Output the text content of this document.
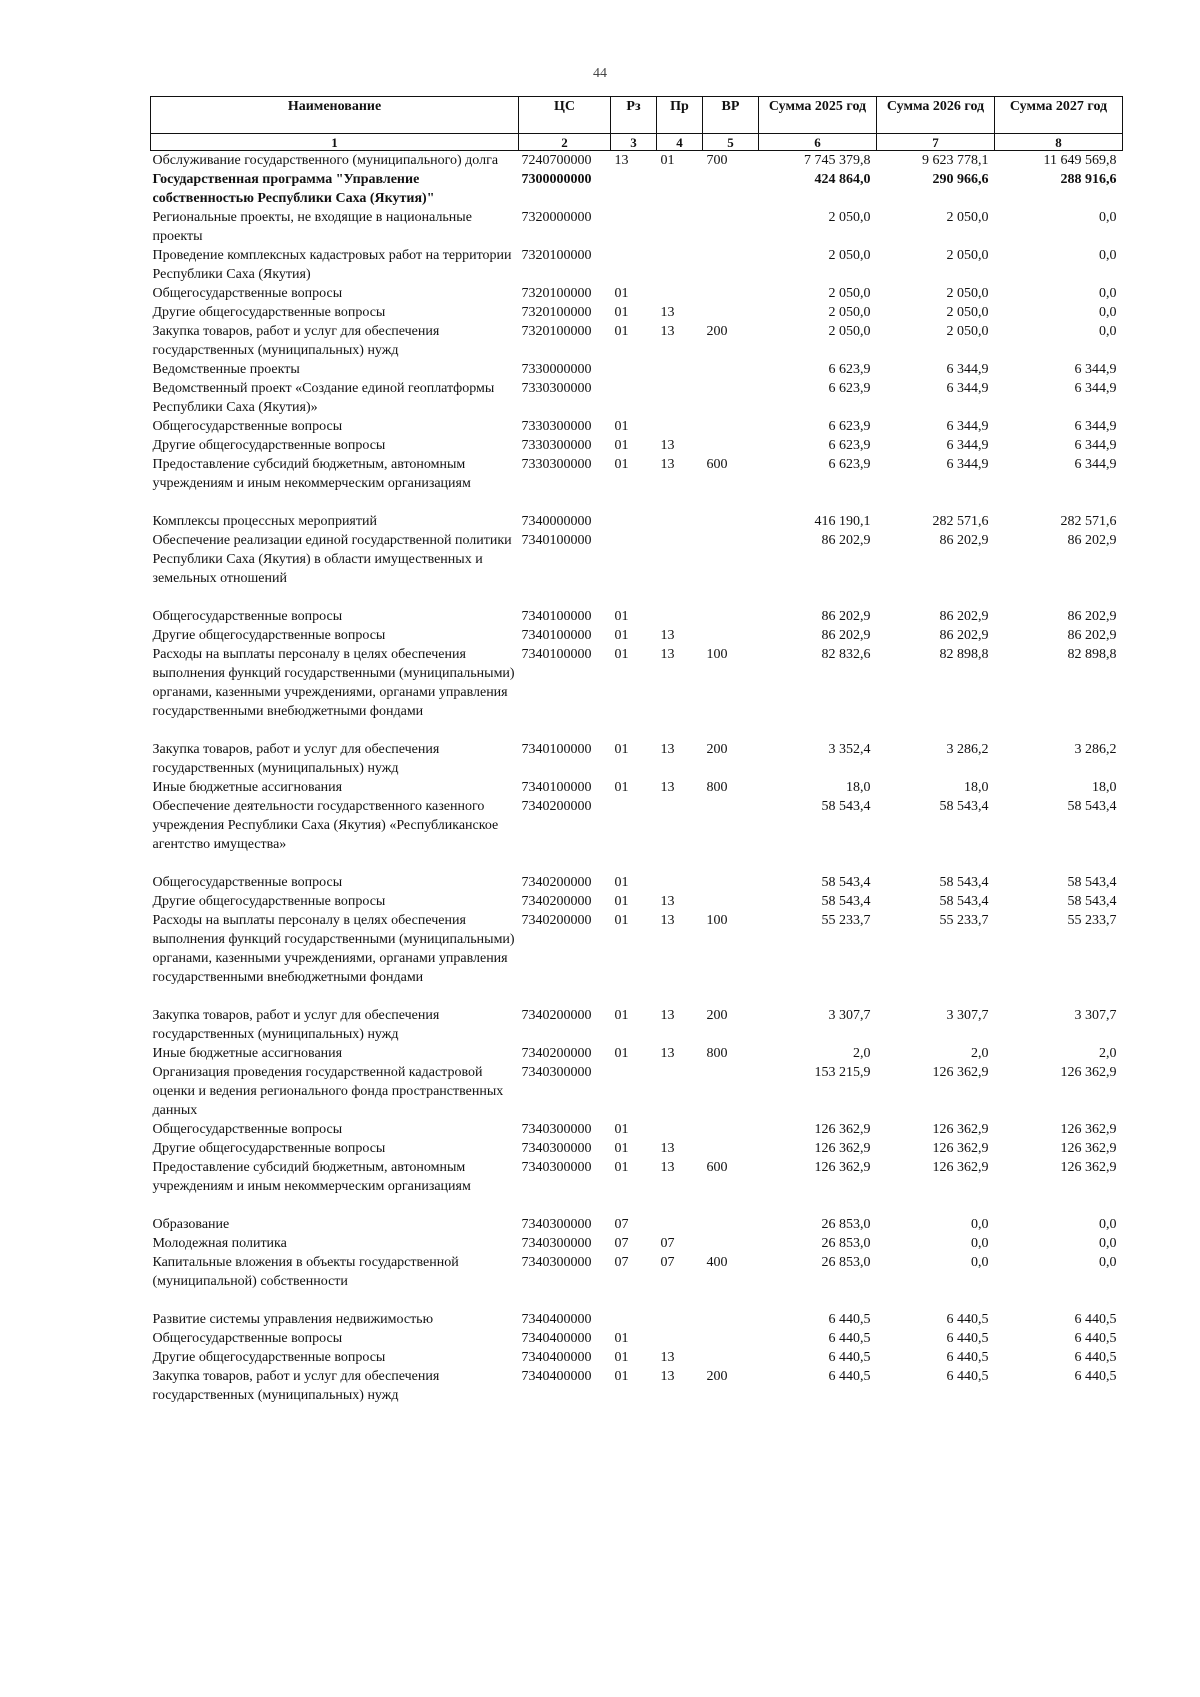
44
Наименование	ЦС	Рз	Пр	ВР	Сумма 2025 год	Сумма 2026 год	Сумма 2027 год
1	2	3	4	5	6	7	8
Обслуживание государственного (муниципального) долга	7240700000	13	01	700	7 745 379,8	9 623 778,1	11 649 569,8
Государственная программа "Управление собственностью Республики Саха (Якутия)"	7300000000				424 864,0	290 966,6	288 916,6
Региональные проекты, не входящие в национальные проекты	7320000000				2 050,0	2 050,0	0,0
Проведение комплексных кадастровых работ на территории Республики Саха (Якутия)	7320100000				2 050,0	2 050,0	0,0
Общегосударственные вопросы	7320100000	01			2 050,0	2 050,0	0,0
Другие общегосударственные вопросы	7320100000	01	13		2 050,0	2 050,0	0,0
Закупка товаров, работ и услуг для обеспечения государственных (муниципальных) нужд	7320100000	01	13	200	2 050,0	2 050,0	0,0
Ведомственные проекты	7330000000				6 623,9	6 344,9	6 344,9
Ведомственный проект «Создание единой геоплатформы Республики Саха (Якутия)»	7330300000				6 623,9	6 344,9	6 344,9
Общегосударственные вопросы	7330300000	01			6 623,9	6 344,9	6 344,9
Другие общегосударственные вопросы	7330300000	01	13		6 623,9	6 344,9	6 344,9
Предоставление субсидий бюджетным, автономным учреждениям и иным некоммерческим организациям	7330300000	01	13	600	6 623,9	6 344,9	6 344,9
Комплексы процессных мероприятий	7340000000				416 190,1	282 571,6	282 571,6
Обеспечение реализации единой государственной политики Республики Саха (Якутия) в области имущественных и земельных отношений	7340100000				86 202,9	86 202,9	86 202,9
Общегосударственные вопросы	7340100000	01			86 202,9	86 202,9	86 202,9
Другие общегосударственные вопросы	7340100000	01	13		86 202,9	86 202,9	86 202,9
Расходы на выплаты персоналу в целях обеспечения выполнения функций государственными (муниципальными) органами, казенными учреждениями, органами управления государственными внебюджетными фондами	7340100000	01	13	100	82 832,6	82 898,8	82 898,8
Закупка товаров, работ и услуг для обеспечения государственных (муниципальных) нужд	7340100000	01	13	200	3 352,4	3 286,2	3 286,2
Иные бюджетные ассигнования	7340100000	01	13	800	18,0	18,0	18,0
Обеспечение деятельности государственного казенного учреждения Республики Саха (Якутия) «Республиканское агентство имущества»	7340200000				58 543,4	58 543,4	58 543,4
Общегосударственные вопросы	7340200000	01			58 543,4	58 543,4	58 543,4
Другие общегосударственные вопросы	7340200000	01	13		58 543,4	58 543,4	58 543,4
Расходы на выплаты персоналу в целях обеспечения выполнения функций государственными (муниципальными) органами, казенными учреждениями, органами управления государственными внебюджетными фондами	7340200000	01	13	100	55 233,7	55 233,7	55 233,7
Закупка товаров, работ и услуг для обеспечения государственных (муниципальных) нужд	7340200000	01	13	200	3 307,7	3 307,7	3 307,7
Иные бюджетные ассигнования	7340200000	01	13	800	2,0	2,0	2,0
Организация проведения государственной кадастровой оценки и ведения регионального фонда пространственных данных	7340300000				153 215,9	126 362,9	126 362,9
Общегосударственные вопросы	7340300000	01			126 362,9	126 362,9	126 362,9
Другие общегосударственные вопросы	7340300000	01	13		126 362,9	126 362,9	126 362,9
Предоставление субсидий бюджетным, автономным учреждениям и иным некоммерческим организациям	7340300000	01	13	600	126 362,9	126 362,9	126 362,9
Образование	7340300000	07			26 853,0	0,0	0,0
Молодежная политика	7340300000	07	07		26 853,0	0,0	0,0
Капитальные вложения в объекты государственной (муниципальной) собственности	7340300000	07	07	400	26 853,0	0,0	0,0
Развитие системы управления недвижимостью	7340400000				6 440,5	6 440,5	6 440,5
Общегосударственные вопросы	7340400000	01			6 440,5	6 440,5	6 440,5
Другие общегосударственные вопросы	7340400000	01	13		6 440,5	6 440,5	6 440,5
Закупка товаров, работ и услуг для обеспечения государственных (муниципальных) нужд	7340400000	01	13	200	6 440,5	6 440,5	6 440,5
